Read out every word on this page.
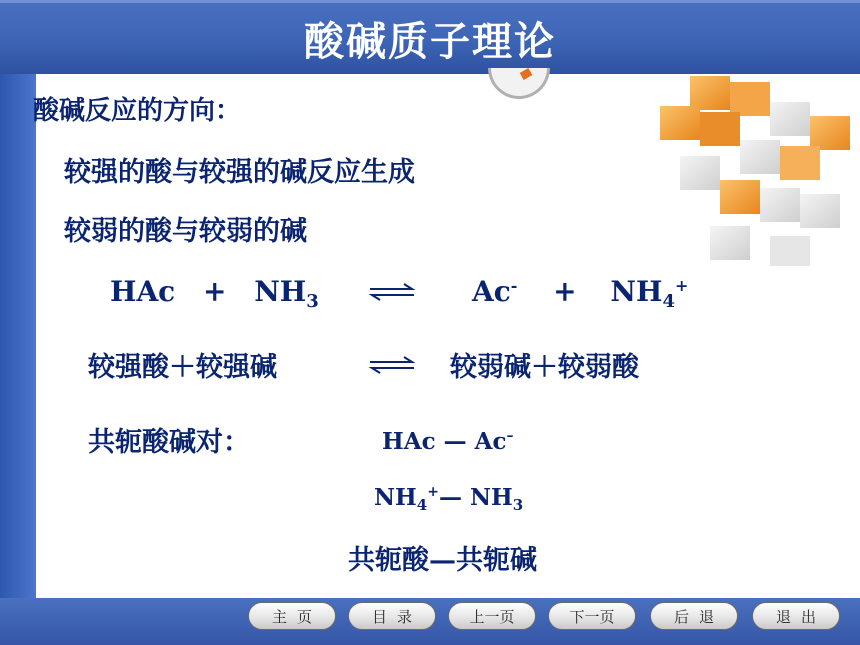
酸碱质子理论
酸碱反应的方向：
较强的酸与较强的碱反应生成
较弱的酸与较弱的碱
HAc + $NH_3$	$Ac^- + NH_4^+$
较强酸＋较强碱	较弱碱＋较弱酸
共轭酸碱对：	HAc — Ac–
$NH_4^+—$ $NH_3$
共轭酸—共轭碱
主页	目录	上一页	下一页	后退	退出
